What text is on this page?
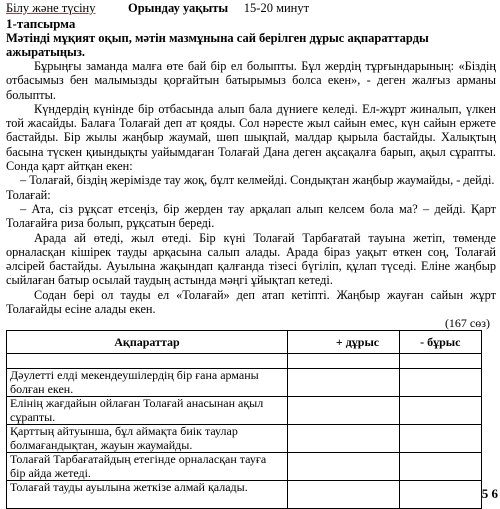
Білу және түсіну	Орындау уақыты 15-20 минут
1-тапсырма
Мәтінді мұқият оқып, мәтін мазмұнына сай берілген дұрыс ақпараттарды ажыратыңыз.

Бұрыңғы заманда малға өте бай бір ел болыпты. Бұл жердің тұрғындарының: «Біздің отбасымыз бен малымызды қорғайтын батырымыз болса екен», - деген жалғыз арманы болыпты.

Күндердің күнінде бір отбасында алып бала дүниеге келеді. Ел-жұрт жиналып, үлкен той жасайды. Балаға Толағай деп ат қояды. Сол нәресте жыл сайын емес, күн сайын ержете бастайды. Бір жылы жаңбыр жаумай, шөп шықпай, малдар қырыла бастайды. Халықтың басына түскен қиындықты уайымдаған Толағай Дана деген ақсақалға барып, ақыл сұрапты. Сонда қарт айтқан екен:

– Толағай, біздің жерімізде тау жоқ, бұлт келмейді. Сондықтан жаңбыр жаумайды, - дейді.

Толағай:

– Ата, сіз рұқсат етсеңіз, бір жерден тау арқалап алып келсем бола ма? – дейді. Қарт Толағайға риза болып, рұқсатын береді.

Арада ай өтеді, жыл өтеді. Бір күні Толағай Тарбағатай тауына жетіп, төменде орналасқан кішірек тауды арқасына салып алады. Арада біраз уақыт өткен соң, Толағай әлсірей бастайды. Ауылына жақындап қалғанда тізесі бүгіліп, құлап түседі. Еліне жаңбыр сыйлаған батыр осылай таудың астында мәңгі ұйықтап кетеді.

Содан бері ол тауды ел «Толағай» деп атап кетіпті. Жаңбыр жауған сайын жұрт Толағайды есіне алады екен.

(167 сөз)
Ақпараттар	+ дұрыс	- бұрыс

Дәулетті елді мекендеушілердің бір ғана арманы болған екен.		
Елінің жағдайын ойлаған Толағай анасынан ақыл сұрапты.		
Қарттың айтуынша, бұл аймақта биік таулар болмағандықтан, жауын жаумайды.		
Толағай Тарбағатайдың етегінде орналасқан тауға бір айда жетеді.		
Толағай тауды ауылына жеткізе алмай қалады.			5 6
